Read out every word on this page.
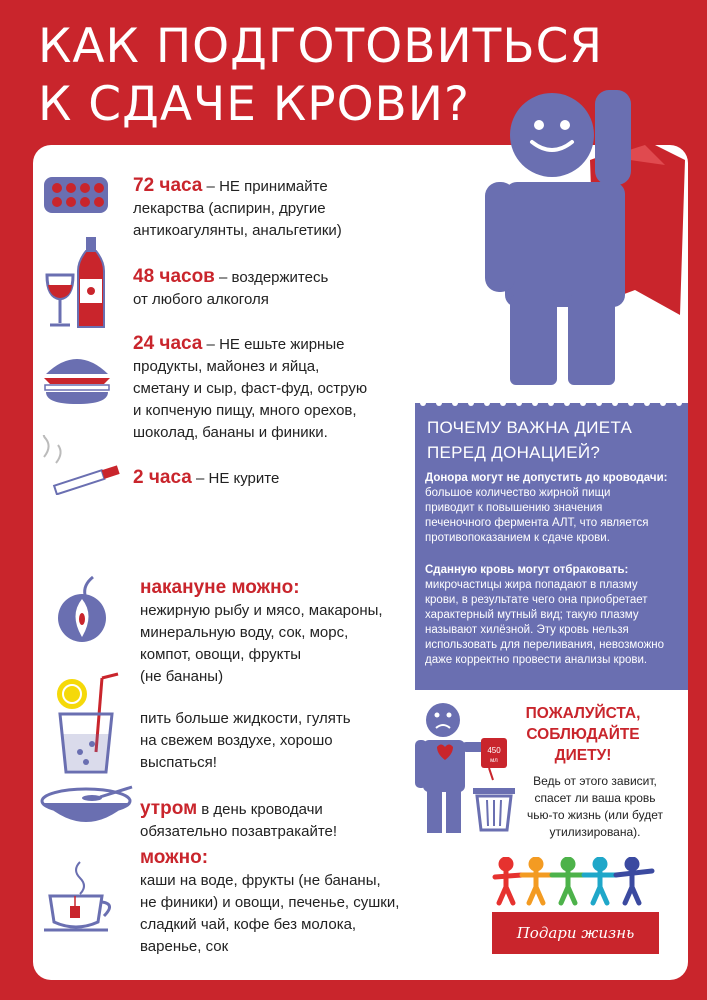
КАК ПОДГОТОВИТЬСЯ
К СДАЧЕ КРОВИ?
72 часа – НЕ принимайте
лекарства (аспирин, другие
антикоагулянты, анальгетики)
48 часов – воздержитесь
от любого алкоголя
24 часа – НЕ ешьте жирные
продукты, майонез и яйца,
сметану и сыр, фаст-фуд, острую
и копченую пищу, много орехов,
шоколад, бананы и финики.
2 часа – НЕ курите
накануне можно:
нежирную рыбу и мясо, макароны,
минеральную воду, сок, морс,
компот, овощи, фрукты
(не бананы)
пить больше жидкости, гулять
на свежем воздухе, хорошо
выспаться!
утром в день кроводачи
обязательно позавтракайте!
можно:
каши на воде, фрукты (не бананы,
не финики) и овощи, печенье, сушки,
сладкий чай, кофе без молока,
варенье, сок
ПОЧЕМУ ВАЖНА ДИЕТА
ПЕРЕД ДОНАЦИЕЙ?
Донора могут не допустить до кроводачи:
большое количество жирной пищи
приводит к повышению значения
печеночного фермента АЛТ, что является
противопоказанием к сдаче крови.
Сданную кровь могут отбраковать:
микрочастицы жира попадают в плазму
крови, в результате чего она приобретает
характерный мутный вид; такую плазму
называют хилёзной. Эту кровь нельзя
использовать для переливания, невозможно
даже корректно провести анализы крови.
450
мл
ПОЖАЛУЙСТА,
СОБЛЮДАЙТЕ
ДИЕТУ!
Ведь от этого зависит,
спасет ли ваша кровь
чью-то жизнь (или будет
утилизирована).
Подари жизнь
